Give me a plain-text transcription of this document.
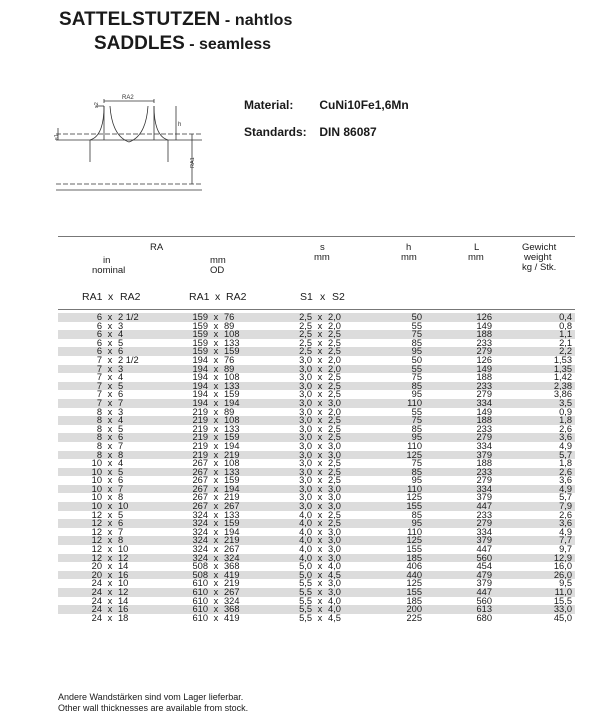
SATTELSTUTZEN - nahtlos
SADDLES - seamless
RA2
s2
s1
h
RA1
Material: CuNi10Fe1,6Mn
Standards: DIN 86087
RA
in
nominal
mm
OD
s
mm
h
mm
L
mm
Gewicht
weight
kg / Stk.
RA1 x RA2	RA1 x RA2	S1 x S2
6 x 2 1/2	159 x 76	2,5 x 2,0	50	126	0,4
6 x 3	159 x 89	2,5 x 2,0	55	149	0,8
6 x 4	159 x 108	2,5 x 2,5	75	188	1,1
6 x 5	159 x 133	2,5 x 2,5	85	233	2,1
6 x 6	159 x 159	2,5 x 2,5	95	279	2,2
7 x 2 1/2	194 x 76	3,0 x 2,0	50	126	1,53
7 x 3	194 x 89	3,0 x 2,0	55	149	1,35
7 x 4	194 x 108	3,0 x 2,5	75	188	1,42
7 x 5	194 x 133	3,0 x 2,5	85	233	2,38
7 x 6	194 x 159	3,0 x 2,5	95	279	3,86
7 x 7	194 x 194	3,0 x 3,0	110	334	3,5
8 x 3	219 x 89	3,0 x 2,0	55	149	0,9
8 x 4	219 x 108	3,0 x 2,5	75	188	1,8
8 x 5	219 x 133	3,0 x 2,5	85	233	2,6
8 x 6	219 x 159	3,0 x 2,5	95	279	3,6
8 x 7	219 x 194	3,0 x 3,0	110	334	4,9
8 x 8	219 x 219	3,0 x 3,0	125	379	5,7
10 x 4	267 x 108	3,0 x 2,5	75	188	1,8
10 x 5	267 x 133	3,0 x 2,5	85	233	2,6
10 x 6	267 x 159	3,0 x 2,5	95	279	3,6
10 x 7	267 x 194	3,0 x 3,0	110	334	4,9
10 x 8	267 x 219	3,0 x 3,0	125	379	5,7
10 x 10	267 x 267	3,0 x 3,0	155	447	7,9
12 x 5	324 x 133	4,0 x 2,5	85	233	2,6
12 x 6	324 x 159	4,0 x 2,5	95	279	3,6
12 x 7	324 x 194	4,0 x 3,0	110	334	4,9
12 x 8	324 x 219	4,0 x 3,0	125	379	7,7
12 x 10	324 x 267	4,0 x 3,0	155	447	9,7
12 x 12	324 x 324	4,0 x 3,0	185	560	12,9
20 x 14	508 x 368	5,0 x 4,0	406	454	16,0
20 x 16	508 x 419	5,0 x 4,5	440	479	26,0
24 x 10	610 x 219	5,5 x 3,0	125	379	9,5
24 x 12	610 x 267	5,5 x 3,0	155	447	11,0
24 x 14	610 x 324	5,5 x 4,0	185	560	15,5
24 x 16	610 x 368	5,5 x 4,0	200	613	33,0
24 x 18	610 x 419	5,5 x 4,5	225	680	45,0
Andere Wandstärken sind vom Lager lieferbar.
Other wall thicknesses are available from stock.
